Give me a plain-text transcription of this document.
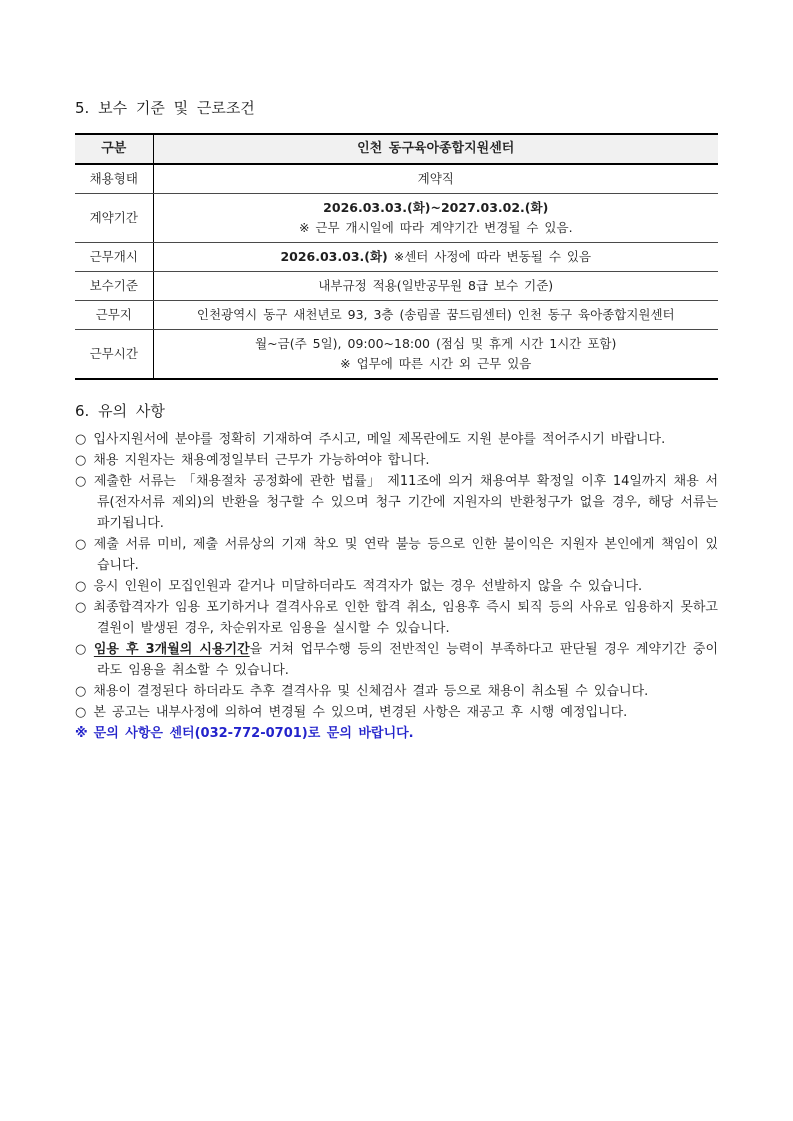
5. 보수 기준 및 근로조건
구분	인천 동구육아종합지원센터
채용형태	계약직

계약기간	2026.03.03.(화)~2027.03.02.(화)
※ 근무 개시일에 따라 계약기간 변경될 수 있음.

근무개시	2026.03.03.(화) ※센터 사정에 따라 변동될 수 있음

보수기준	내부규정 적용(일반공무원 8급 보수 기준)

근무지	인천광역시 동구 새천년로 93, 3층 (송림골 꿈드림센터) 인천 동구 육아종합지원센터

근무시간	월~금(주 5일), 09:00~18:00 (점심 및 휴게 시간 1시간 포함)
※ 업무에 따른 시간 외 근무 있음
6. 유의 사항
○ 입사지원서에 분야를 정확히 기재하여 주시고, 메일 제목란에도 지원 분야를 적어주시기 바랍니다.
○ 채용 지원자는 채용예정일부터 근무가 가능하여야 합니다.
○ 제출한 서류는 「채용절차 공정화에 관한 법률」 제11조에 의거 채용여부 확정일 이후 14일까지 채용 서류(전자서류 제외)의 반환을 청구할 수 있으며 청구 기간에 지원자의 반환청구가 없을 경우, 해당 서류는 파기됩니다.
○ 제출 서류 미비, 제출 서류상의 기재 착오 및 연락 불능 등으로 인한 불이익은 지원자 본인에게 책임이 있습니다.
○ 응시 인원이 모집인원과 같거나 미달하더라도 적격자가 없는 경우 선발하지 않을 수 있습니다.
○ 최종합격자가 임용 포기하거나 결격사유로 인한 합격 취소, 임용후 즉시 퇴직 등의 사유로 임용하지 못하고 결원이 발생된 경우, 차순위자로 임용을 실시할 수 있습니다.
○ 임용 후 3개월의 시용기간을 거쳐 업무수행 등의 전반적인 능력이 부족하다고 판단될 경우 계약기간 중이라도 임용을 취소할 수 있습니다.
○ 채용이 결정된다 하더라도 추후 결격사유 및 신체검사 결과 등으로 채용이 취소될 수 있습니다.
○ 본 공고는 내부사정에 의하여 변경될 수 있으며, 변경된 사항은 재공고 후 시행 예정입니다.

※ 문의 사항은 센터(032-772-0701)로 문의 바랍니다.
